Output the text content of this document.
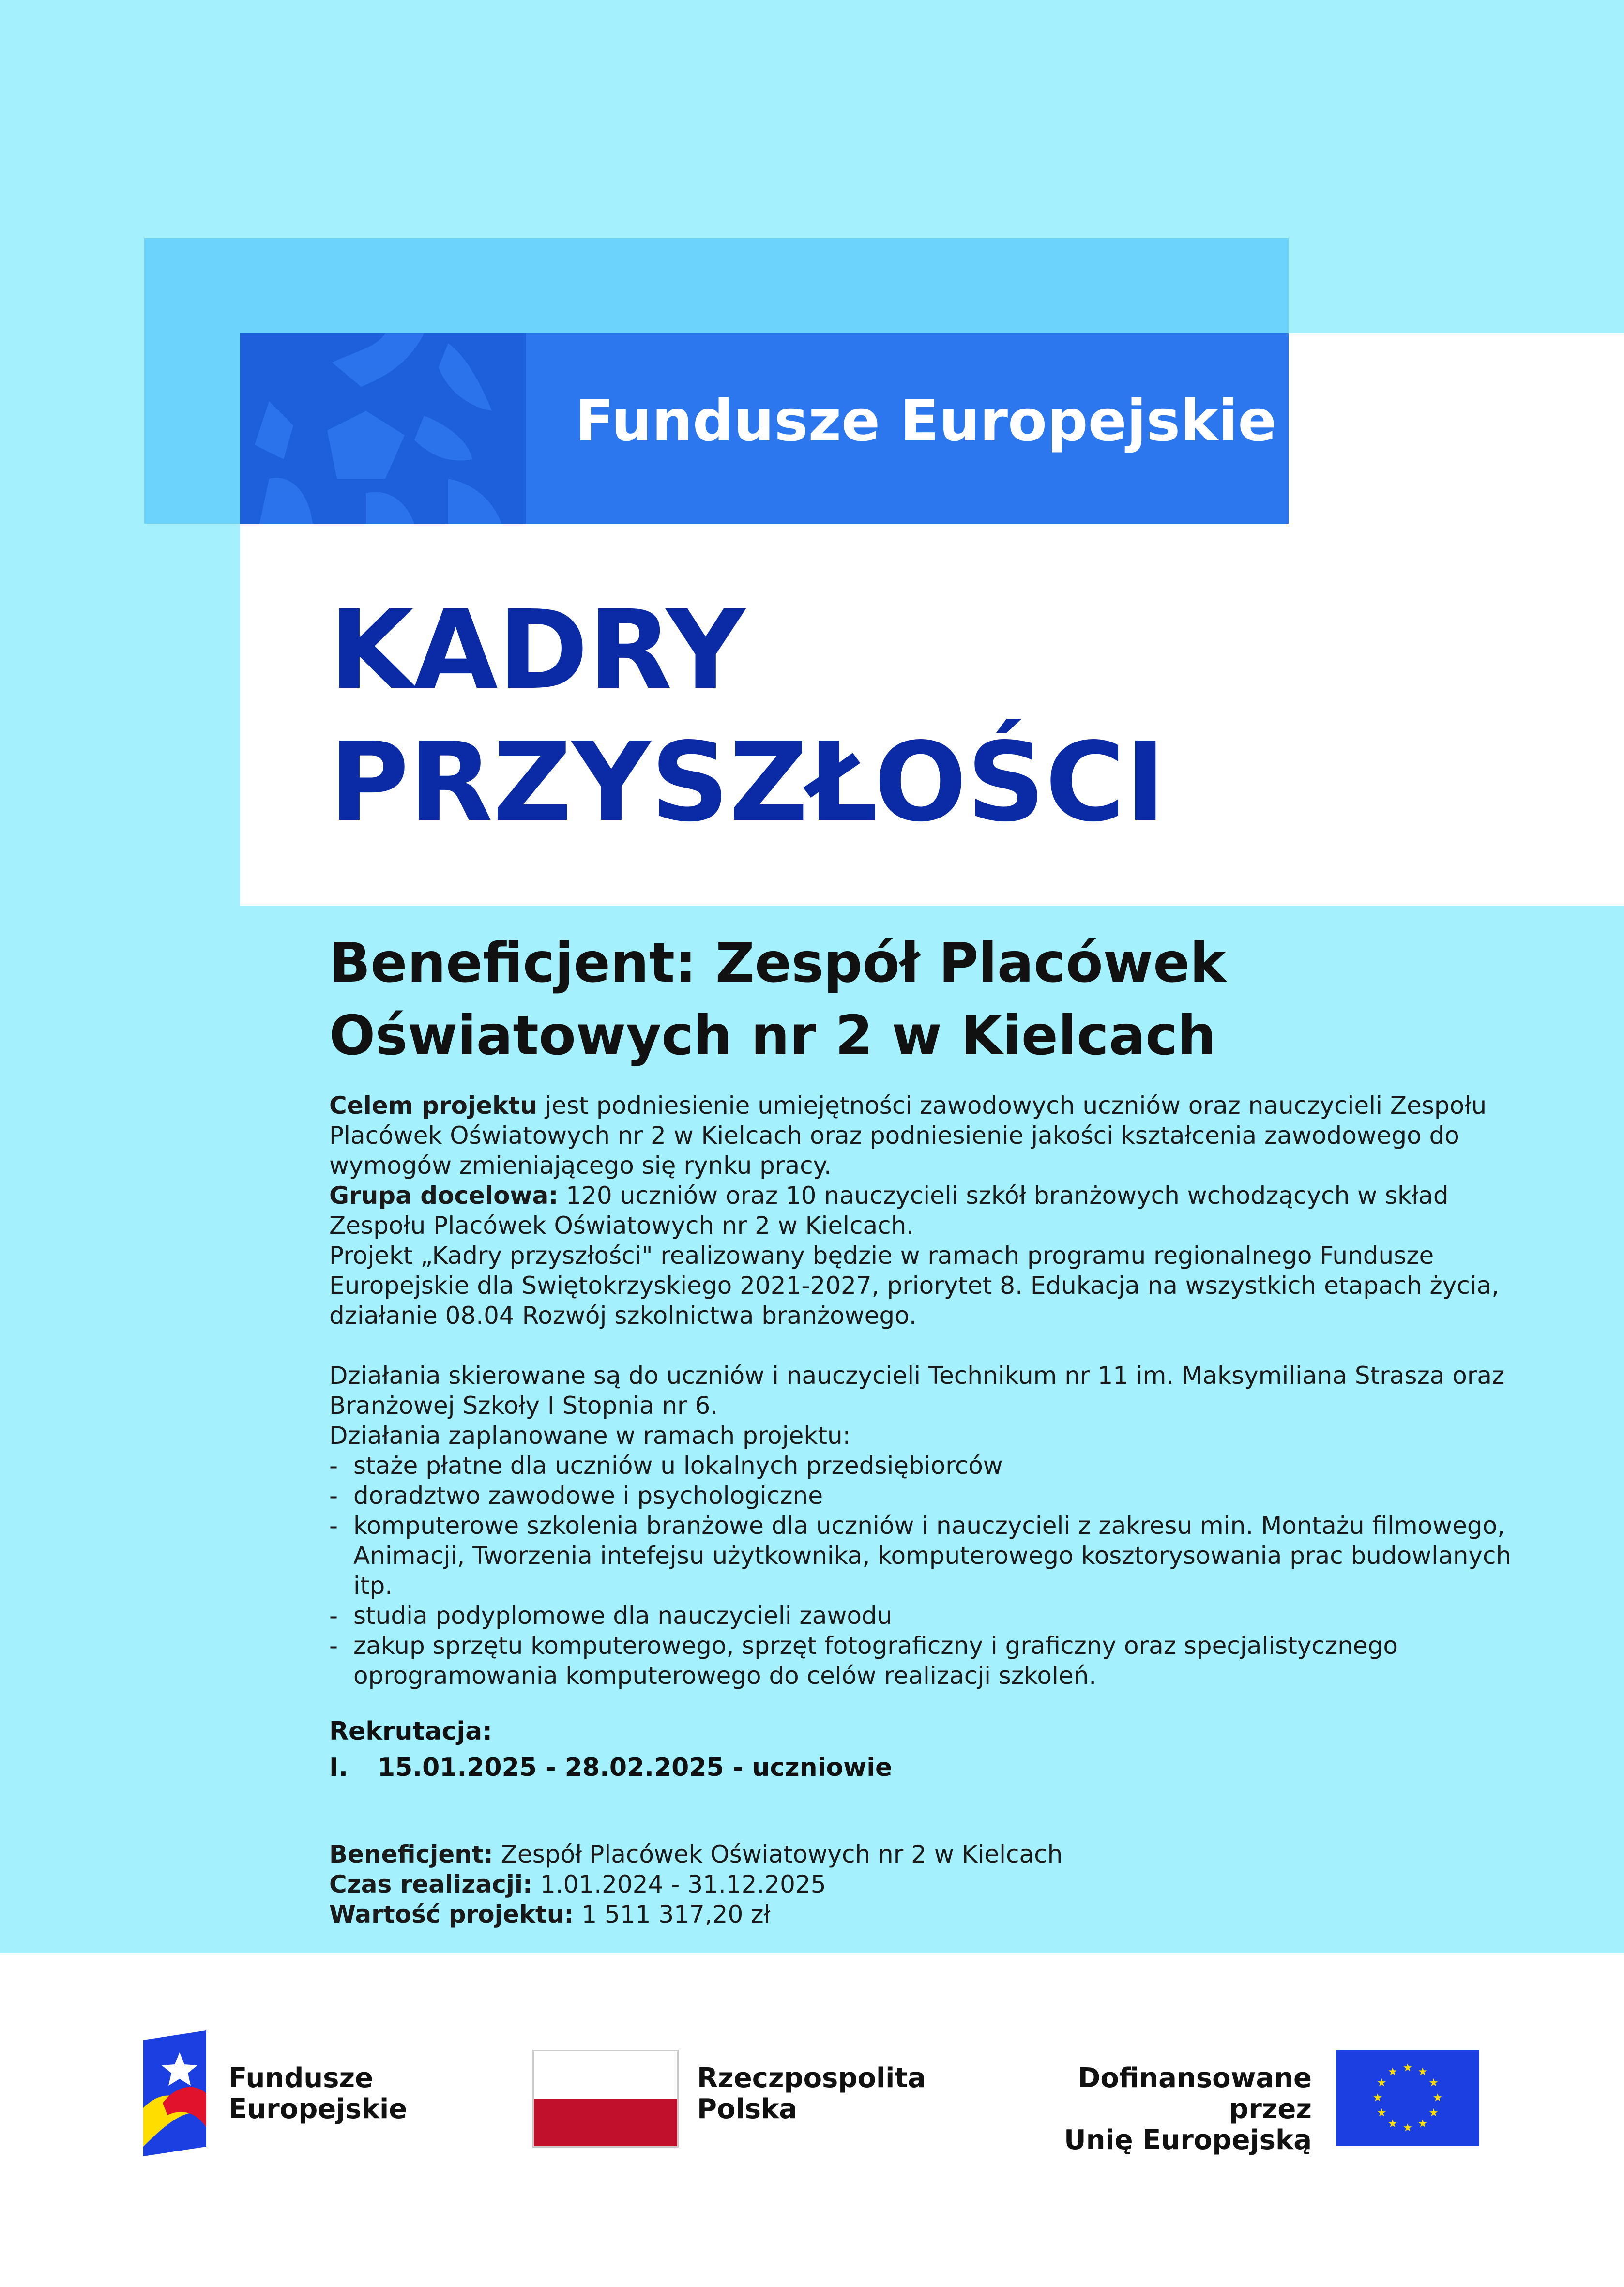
Fundusze Europejskie
KADRY
PRZYSZŁOŚCI
Beneficjent: Zespół Placówek
Oświatowych nr 2 w Kielcach

Celem projektu jest podniesienie umiejętności zawodowych uczniów oraz nauczycieli Zespołu Placówek Oświatowych nr 2 w Kielcach oraz podniesienie jakości kształcenia zawodowego do wymogów zmieniającego się rynku pracy.

Grupa docelowa: 120 uczniów oraz 10 nauczycieli szkół branżowych wchodzących w skład Zespołu Placówek Oświatowych nr 2 w Kielcach.

Projekt „Kadry przyszłości" realizowany będzie w ramach programu regionalnego Fundusze Europejskie dla Swiętokrzyskiego 2021-2027, priorytet 8. Edukacja na wszystkich etapach życia, działanie 08.04 Rozwój szkolnictwa branżowego.

Działania skierowane są do uczniów i nauczycieli Technikum nr 11 im. Maksymiliana Strasza oraz Branżowej Szkoły I Stopnia nr 6.

Działania zaplanowane w ramach projektu:

- staże płatne dla uczniów u lokalnych przedsiębiorców
- doradztwo zawodowe i psychologiczne
- komputerowe szkolenia branżowe dla uczniów i nauczycieli z zakresu min. Montażu filmowego, Animacji, Tworzenia intefejsu użytkownika, komputerowego kosztorysowania prac budowlanych itp.
- studia podyplomowe dla nauczycieli zawodu
- zakup sprzętu komputerowego, sprzęt fotograficzny i graficzny oraz specjalistycznego oprogramowania komputerowego do celów realizacji szkoleń.
Rekrutacja:
I. 15.01.2025 - 28.02.2025 - uczniowie
Beneficjent: Zespół Placówek Oświatowych nr 2 w Kielcach
Czas realizacji: 1.01.2024 - 31.12.2025
Wartość projektu: 1 511 317,20 zł
Fundusze
Europejskie
Rzeczpospolita
Polska
Dofinansowane przez
Unię Europejską
